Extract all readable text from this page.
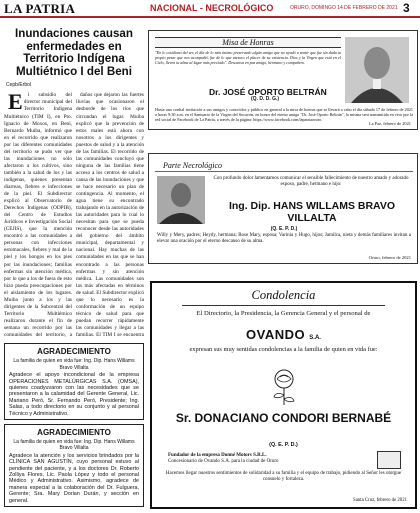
LA PATRIA	NACIONAL - NECROLÓGICO	ORURO, DOMINGO 14 DE FEBRERO DE 2021 3
Inundaciones causan enfermedades en Territorio Indígena Multiétnico I del Beni
Cepb/Erbol

El subsidio del director municipal del Territorio Indígena Multiétnico (TIM I), en Pto. Ignacio de Moxos, en Beni, Bernardo Muiba, informó que en el recorrido que realizaron por las diferentes comunidades del territorio se pudo ver que las inundaciones no sólo afectaron a los cultivos, sino también a la salud de los y las indígenas, quienes presentan diarreas, fiebres e infecciones de la piel. El Subdirector explicó al Observatorio de Derechos Indígenas (ODPIB), del Centro de Estudios Jurídicos e Investigación Social (CEJIS), que la mención encontró a las comunidades a personas con infecciones estomacales, fiebres y mal de la piel y los hongos en los pies por las inundaciones; familias enfermas sin atención médica, por lo que a los de fuera de esto hizo pueda preocupaciones por el aislamiento de los lugares. Muiba junto a los y las dirigentes de la Subcentral del Territorio Multiétnico realizaron durante el fin de semana un recorrido por las comunidades del territorio, a

daños que dejaron las fuertes lluvias que ocasionaron el desborde de los ríos que circundan el lugar. Muiba explicó que la prevención de estos males está ahora con nosotros a los dirigentes y puestos de salud y a la atención de las familias. El recorrido de las comunidades concluyó que ninguna de las familias tiene acceso a los centros de salud a causa de las inundaciones y que se hace necesario un plan de contingencia. Al momento, el agua tiene su encontrado trabajando en la autorización de las autoridades para lo cual lo necesitan para que se pueda reconocer desde las autoridades del gobierno del ámbito municipal, departamental y nacional. Hay muchas de las comunidades en las que se han encontrado a las personas enfermas y sin atención médica. Las comunidades son las más afectadas en términos de salud. El Subdirector explicó que lo necesario es la conformación de un equipo técnico de salud para que puedan recorrer rápidamente las comunidades y llegar a las familias. El TIM I se encuentra

AGRADECIMIENTO
La familia de quien en vida fue: Ing. Dip. Hans Willams Bravo Villalta
Agradece el apoyo incondicional de la empresa OPERACIONES METALÚRGICAS S.A. (OMSA), quienes coadyuvaron con las necesidades que se presentaron a la calamidad del Gerente General, Lic. Mariano Peró, Sr. Fernando Peró, Presidente; Ing. Salas, a todo directorio en su conjunto y al personal Técnico y Administrativo.
AGRADECIMIENTO
La familia de quien en vida fue: Ing. Dip. Hans Willams Bravo Villalta
Agradece la atención y los servicios brindados por la CLÍNICA SAN AGUSTÍN, cuyo personal estuvo al pendiente del paciente, y a los doctores Dr. Roberto Zolliya Flores, Lic. Paola López y todo el personal Médico y Administrativo. Asimismo, agradece de manera especial a la colaboración del Dr. Fulguera, Gerente; Sra. Mary Dorian Durán, y sección en general.
Misa de Honras
"En lo cotidiano del ser, el día de lo más íntimo preservado algún amigo que no ayudó a sentir que fue sin duda tu propio pesar que nos acompañó, fue de lo que atesoro el placer de su existencia. Dios y la Virgen que está en el Cielo, lleven tu alma al lugar más preciado". Descansa en paz amigo, hermano y compañero.
Dr. JOSÉ OPORTO BELTRÁN
(Q. D. D. G.)
Hasta una cordial invitación a sus amigos y conocidos y público en general a la misa de honras que se llevará a cabo el día sábado 17 de febrero de 2021 a horas 9:30 a.m. en el Santuario de la Virgen del Socavón, en honor del eterno amigo "Dr. José Oporto Beltrán", la misma será transmitida en vivo por la red social de Facebook de La Patria, a través de la página: https://www.facebook.com/lapatriaoruro.
La Paz, febrero de 2021
Parte Necrológico
Con profundo dolor lamentamos comunicar el sensible fallecimiento de nuestro amado y adorado esposo, padre, hermano e hijo:
Ing. Dip. HANS WILLAMS BRAVO VILLALTA
(Q. E. P. D.)
Willy y Mery, padres; Heydy, hermana; Rose Mary, esposa; Varinia y Hugo, hijos; Jamilca, nieta y demás familiares invitan a elevar una oración por el eterno descanso de su alma.
Oruro, febrero de 2021
Condolencia
El Directorio, la Presidencia, la Gerencia General y el personal de
OVANDO S.A.
expresan sus muy sentidas condolencias a la familia de quien en vida fue:
Sr. DONACIANO CONDORI BERNABÉ
(Q. E. P. D.)
Fundador de la empresa Donné Motors S.R.L.
Concesionario de Ovando S.A. para la ciudad de Oruro
Hacemos llegar nuestros sentimientos de solidaridad a su familia y el equipo de trabajo, pidiendo al Señor les otorgue consuelo y fortaleza.
Santa Cruz, febrero de 2021
